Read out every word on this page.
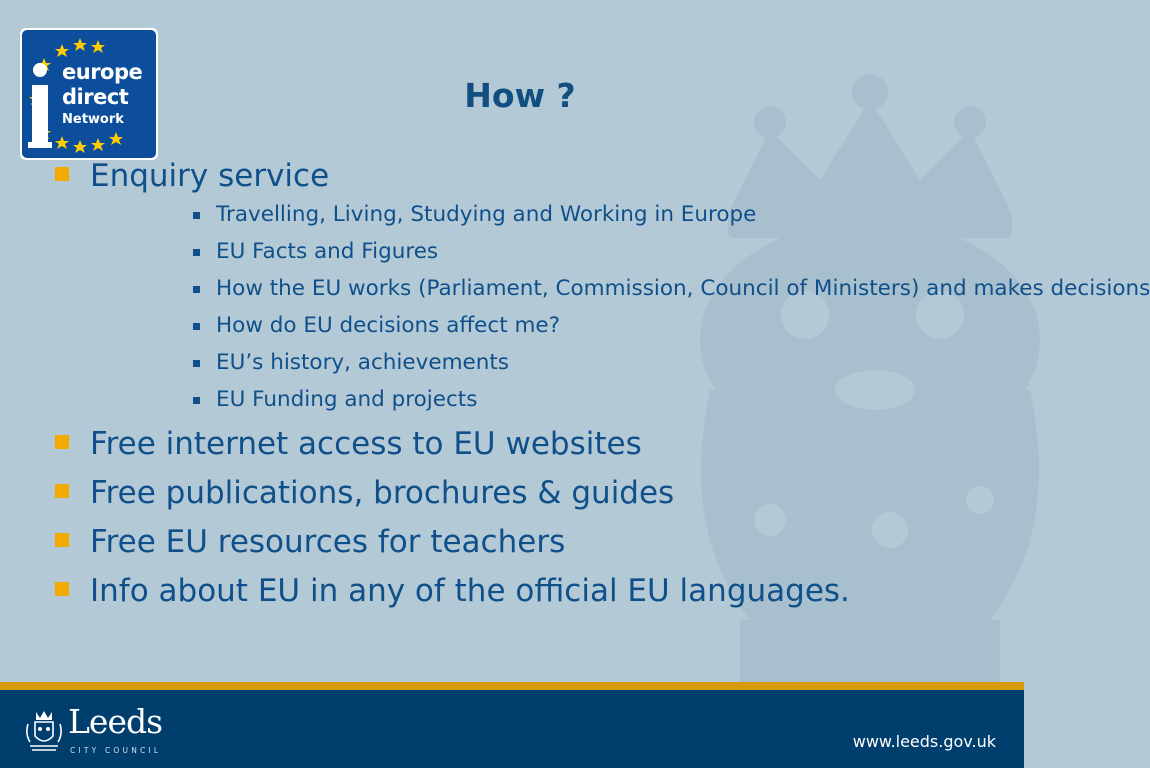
europe
direct
Network
How ?
Enquiry service
Travelling, Living, Studying and Working in Europe
EU Facts and Figures
How the EU works (Parliament, Commission, Council of Ministers) and makes decisions
How do EU decisions affect me?
EU’s history, achievements
EU Funding and projects
Free internet access to EU websites
Free publications, brochures & guides
Free EU resources for teachers
Info about EU in any of the official EU languages.
Leeds
CITY COUNCIL	www.leeds.gov.uk
